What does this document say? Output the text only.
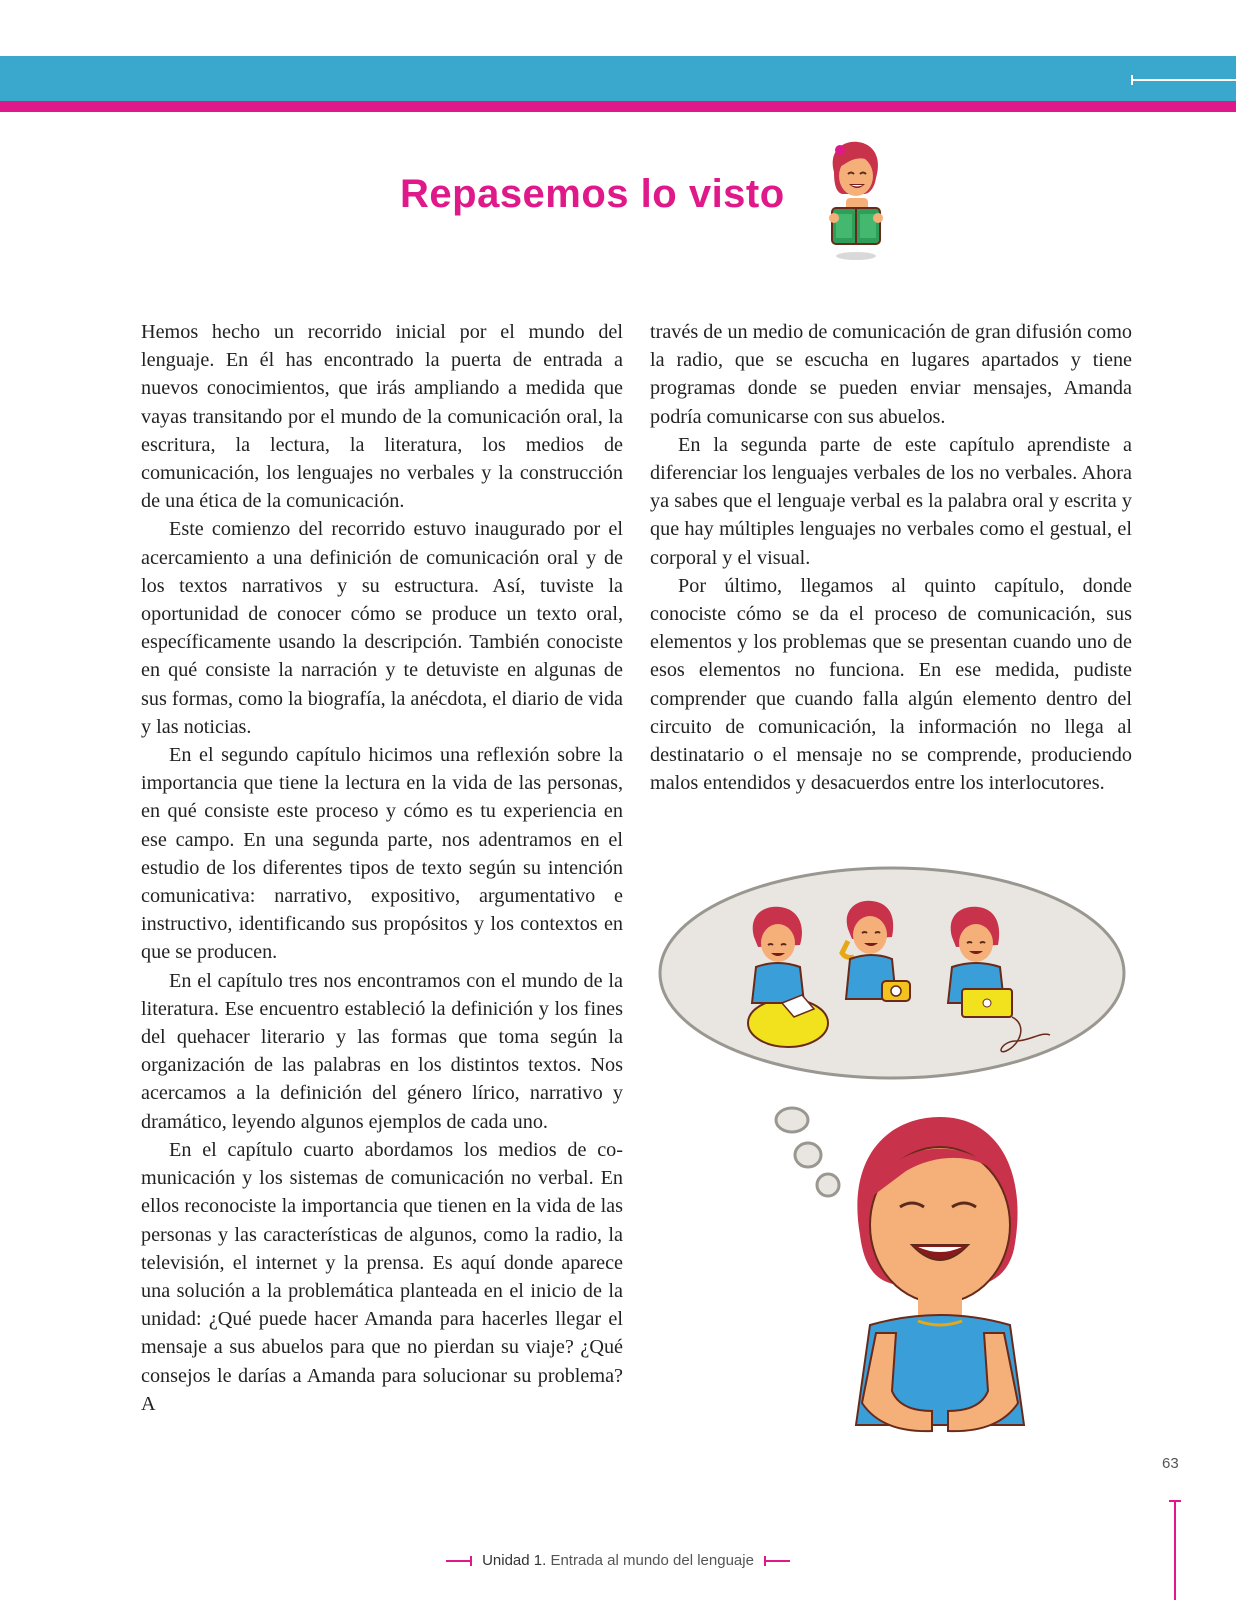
Repasemos lo visto

Hemos hecho un recorrido inicial por el mundo del lenguaje. En él has encontrado la puerta de entrada a nuevos conocimientos, que irás ampliando a medida que vayas transitando por el mundo de la comunicación oral, la escritura, la lectura, la literatura, los medios de comunicación, los lenguajes no verbales y la construcción de una ética de la comunicación.

Este comienzo del recorrido estuvo inaugurado por el acercamiento a una definición de comunicación oral y de los textos narrativos y su estructura. Así, tuviste la oportunidad de conocer cómo se produce un texto oral, específicamente usando la descripción. También conociste en qué consiste la narración y te detuviste en algunas de sus formas, como la biografía, la anécdota, el diario de vida y las noticias.

En el segundo capítulo hicimos una reflexión sobre la importancia que tiene la lectura en la vida de las personas, en qué consiste este proceso y cómo es tu experiencia en ese campo. En una segunda parte, nos adentramos en el estudio de los diferentes tipos de texto según su intención comunicativa: narrativo, expositivo, argumentativo e instructivo, identificando sus propósitos y los contextos en que se producen.

En el capítulo tres nos encontramos con el mundo de la literatura. Ese encuentro estableció la definición y los fines del quehacer literario y las formas que toma según la organización de las palabras en los distintos textos. Nos acercamos a la definición del género lírico, narrativo y dramático, leyendo algunos ejemplos de cada uno.

En el capítulo cuarto abordamos los medios de comunicación y los sistemas de comunicación no verbal. En ellos reconociste la importancia que tienen en la vida de las personas y las características de algunos, como la radio, la televisión, el internet y la prensa. Es aquí donde aparece una solución a la problemática planteada en el inicio de la unidad: ¿Qué puede hacer Amanda para hacerles llegar el mensaje a sus abuelos para que no pierdan su viaje? ¿Qué consejos le darías a Amanda para solucionar su problema? A

través de un medio de comunicación de gran difusión como la radio, que se escucha en lugares apartados y tiene programas donde se pueden enviar mensajes, Amanda podría comunicarse con sus abuelos.

En la segunda parte de este capítulo aprendiste a diferenciar los lenguajes verbales de los no verbales. Ahora ya sabes que el lenguaje verbal es la palabra oral y escrita y que hay múltiples lenguajes no verbales como el gestual, el corporal y el visual.

Por último, llegamos al quinto capítulo, donde conociste cómo se da el proceso de comunicación, sus elementos y los problemas que se presentan cuando uno de esos elementos no funciona. En ese medida, pudiste comprender que cuando falla algún elemento dentro del circuito de comunicación, la información no llega al destinatario o el mensaje no se comprende, produciendo malos entendidos y desacuerdos entre los interlocutores.

63
Unidad 1. Entrada al mundo del lenguaje
